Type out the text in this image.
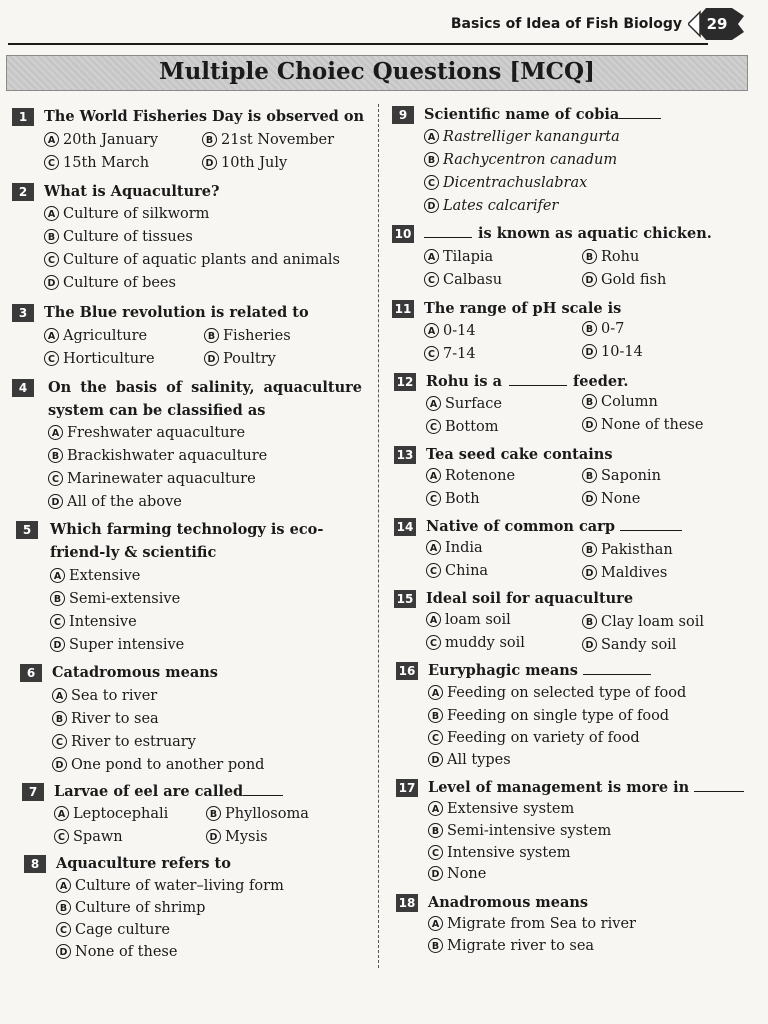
Basics of Idea of Fish Biology	29
Multiple Choiec Questions [MCQ]
1	The World Fisheries Day is observed on
A 20th January	B 21st November
C 15th March	D 10th July
2	What is Aquaculture?
A Culture of silkworm
B Culture of tissues
C Culture of aquatic plants and animals
D Culture of bees
3	The Blue revolution is related to
A Agriculture	B Fisheries
C Horticulture	D Poultry
4	On the basis of salinity, aquaculture system can be classified as
A Freshwater aquaculture
B Brackishwater aquaculture
C Marinewater aquaculture
D All of the above
5	Which farming technology is eco-friend-ly & scientific
A Extensive
B Semi-extensive
C Intensive
D Super intensive
6	Catadromous means
A Sea to river
B River to sea
C River to estruary
D One pond to another pond
7	Larvae of eel are called
A Leptocephali	B Phyllosoma
C Spawn	D Mysis
8	Aquaculture refers to
A Culture of water–living form
B Culture of shrimp
C Cage culture
D None of these
9	Scientific name of cobia
A Rastrelliger kanangurta
B Rachycentron canadum
C Dicentrachuslabrax
D Lates calcarifer
10	is known as aquatic chicken.
A Tilapia	B Rohu
C Calbasu	D Gold fish
11 The range of pH scale is
A 0-14	B 0-7
C 7-14	D 10-14
12 Rohu is a	feeder.
A Surface	B Column
C Bottom	D None of these
13 Tea seed cake contains
A Rotenone	B Saponin
C Both	D None
14 Native of common carp
A India	B Pakisthan
C China	D Maldives
15 Ideal soil for aquaculture
A loam soil	B Clay loam soil
C muddy soil	D Sandy soil
16 Euryphagic means
A Feeding on selected type of food
B Feeding on single type of food
C Feeding on variety of food
D All types
17 Level of management is more in
A Extensive system
B Semi-intensive system
C Intensive system
D None
18 Anadromous means
A Migrate from Sea to river
B Migrate river to sea
